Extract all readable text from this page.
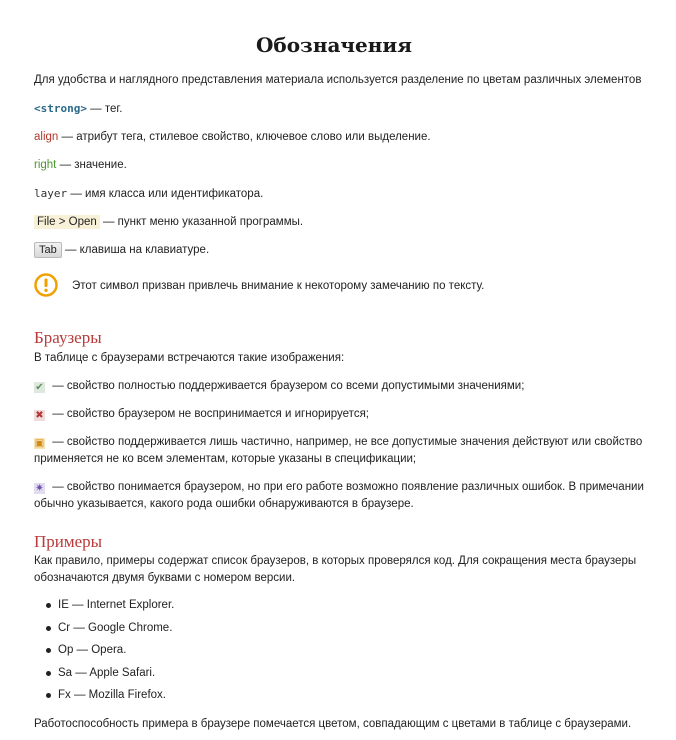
Обозначения
Для удобства и наглядного представления материала используется разделение по цветам различных элементов
<strong> — тег.
align — атрибут тега, стилевое свойство, ключевое слово или выделение.
right — значение.
layer — имя класса или идентификатора.
File > Open — пункт меню указанной программы.
Tab — клавиша на клавиатуре.
Этот символ призван привлечь внимание к некоторому замечанию по тексту.
Браузеры
В таблице с браузерами встречаются такие изображения:
✔ — свойство полностью поддерживается браузером со всеми допустимыми значениями;
✖ — свойство браузером не воспринимается и игнорируется;
▣ — свойство поддерживается лишь частично, например, не все допустимые значения действуют или свойство применяется не ко всем элементам, которые указаны в спецификации;
✷ — свойство понимается браузером, но при его работе возможно появление различных ошибок. В примечании обычно указывается, какого рода ошибки обнаруживаются в браузере.
Примеры
Как правило, примеры содержат список браузеров, в которых проверялся код. Для сокращения места браузеры обозначаются двумя буквами с номером версии.
IE — Internet Explorer.
Cr — Google Chrome.
Op — Opera.
Sa — Apple Safari.
Fx — Mozilla Firefox.
Работоспособность примера в браузере помечается цветом, совпадающим с цветами в таблице с браузерами.
